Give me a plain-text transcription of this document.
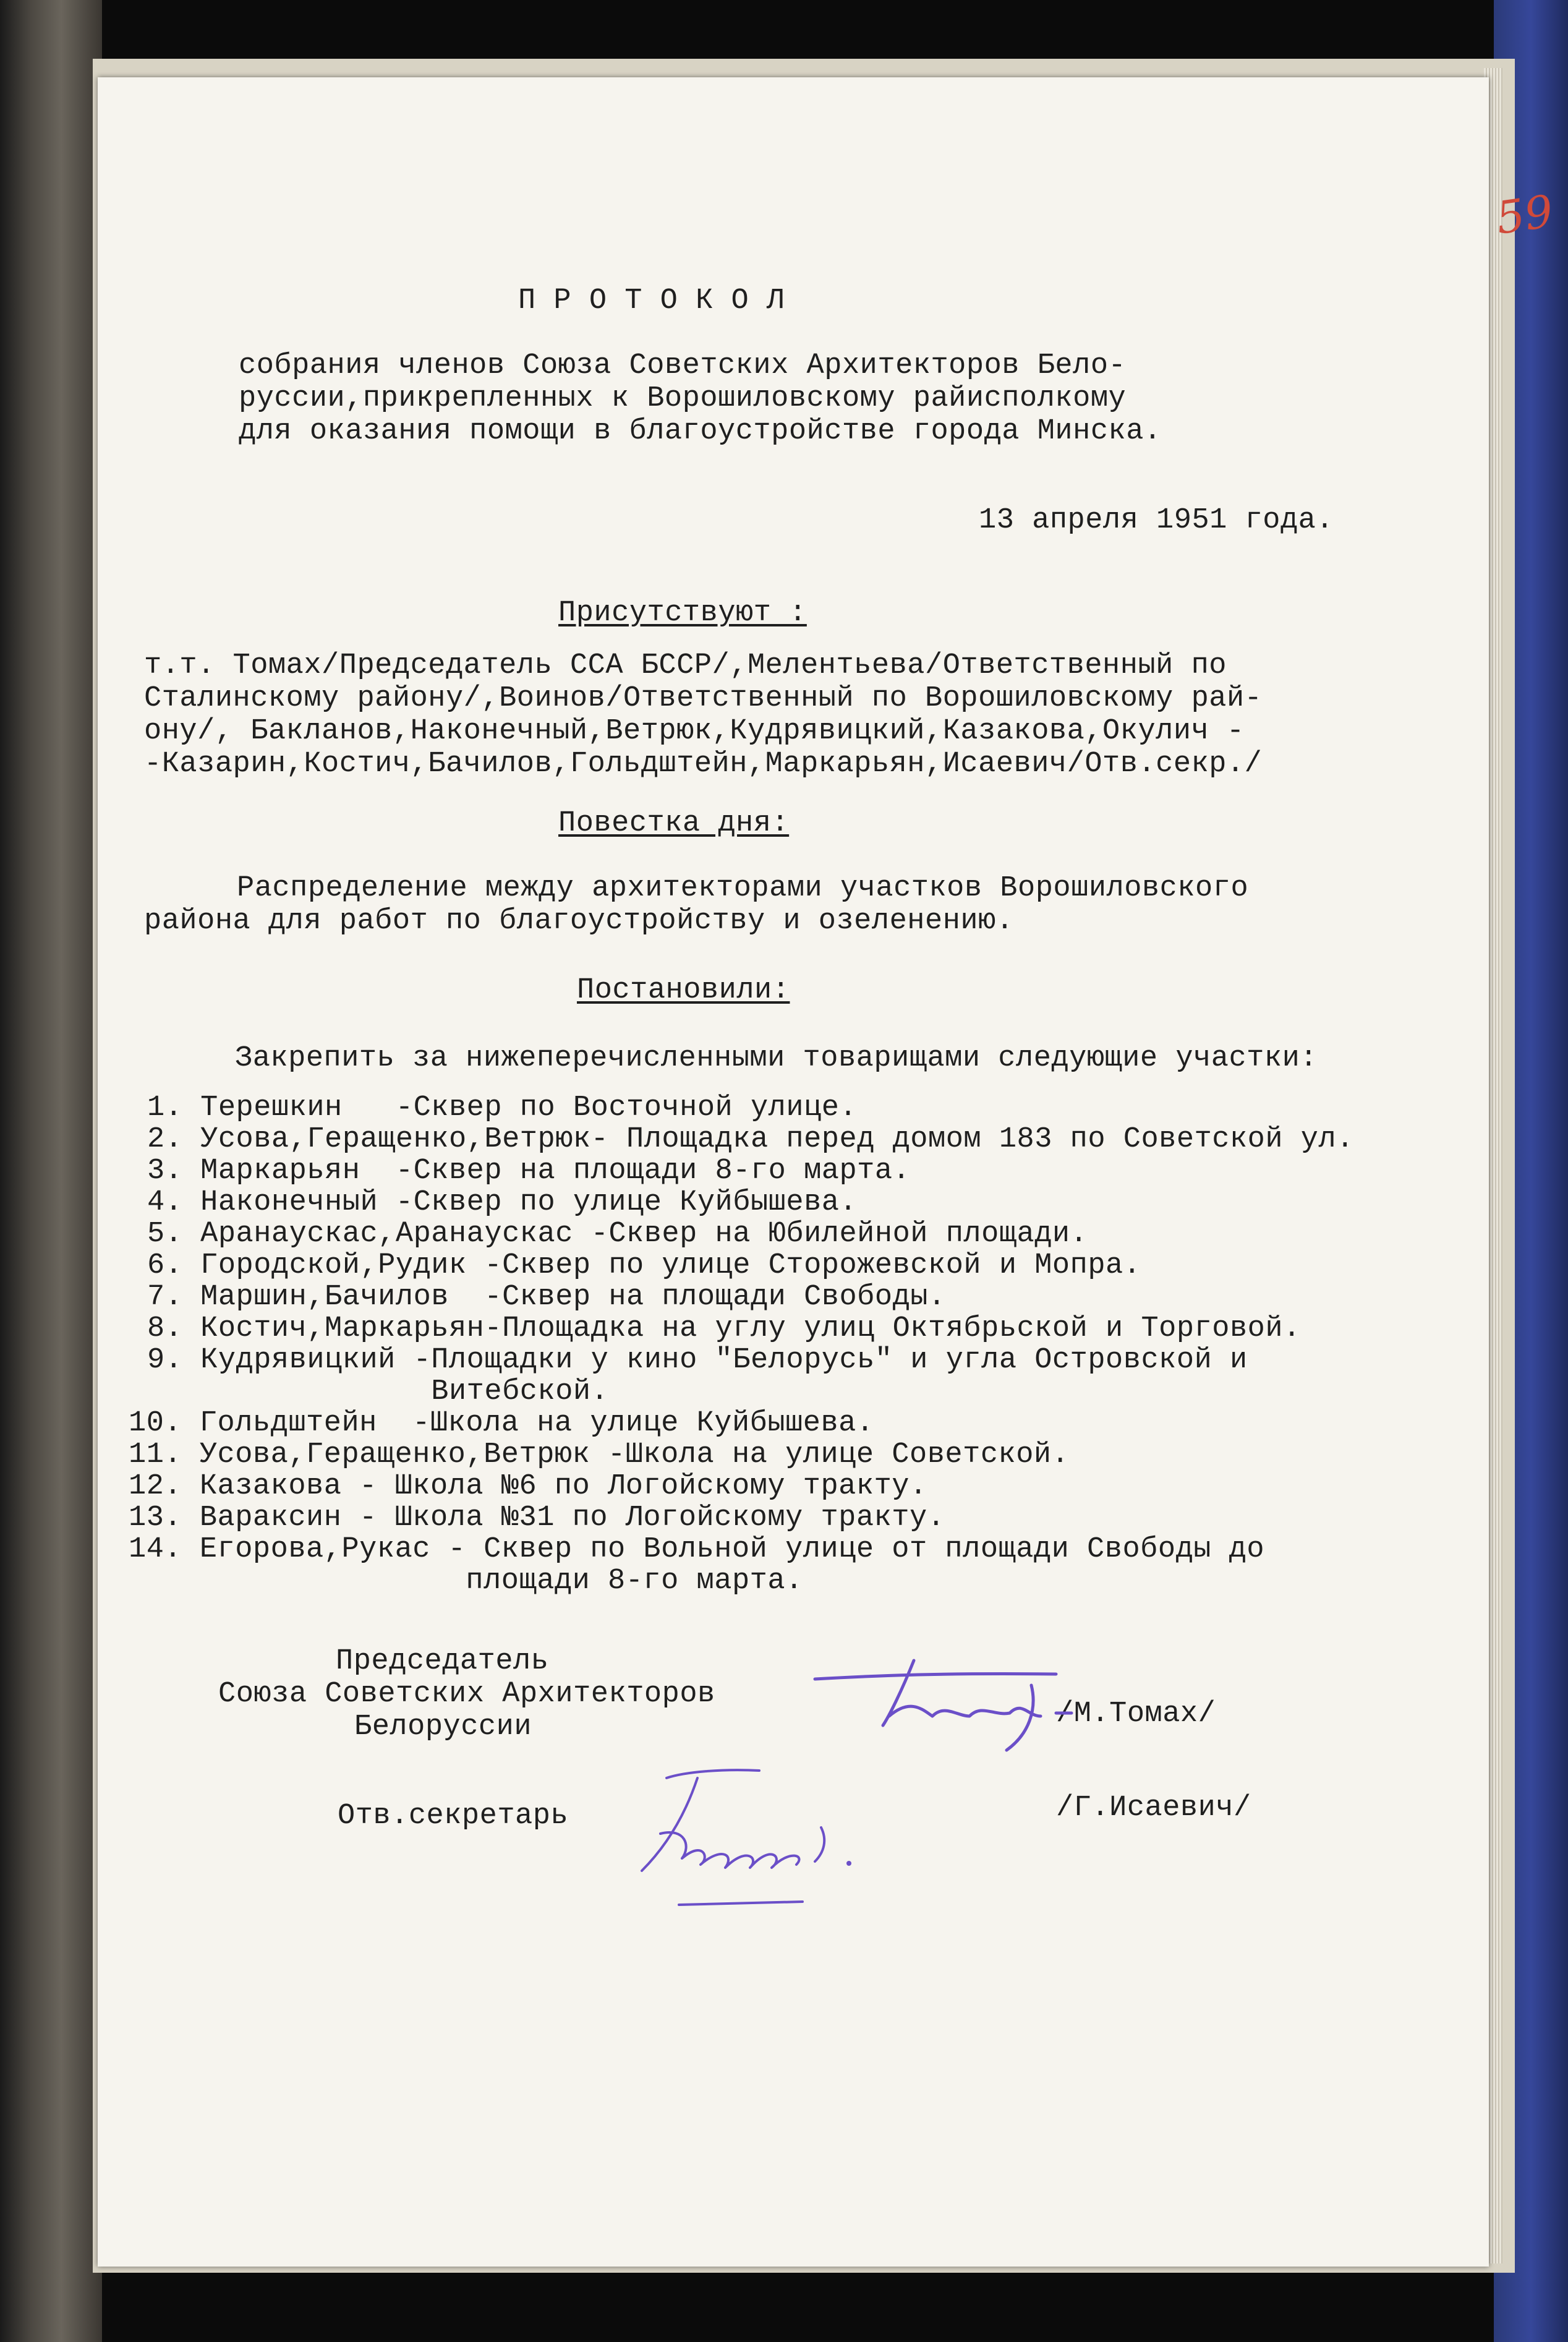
59
П Р О Т О К О Л
собрания членов Союза Советских Архитекторов Бело-
руссии,прикрепленных к Ворошиловскому райисполкому
для оказания помощи в благоустройстве города Минска.
13 апреля 1951 года.
Присутствуют :
т.т. Томах/Председатель ССА БССР/,Мелентьева/Ответственный по
Сталинскому району/,Воинов/Ответственный по Ворошиловскому рай-
ону/, Бакланов,Наконечный,Ветрюк,Кудрявицкий,Казакова,Окулич -
-Казарин,Костич,Бачилов,Гольдштейн,Маркарьян,Исаевич/Отв.секр./
Повестка дня:
Распределение между архитекторами участков Ворошиловского
района для работ по благоустройству и озеленению.
Постановили:
Закрепить за нижеперечисленными товарищами следующие участки:
1. Терешкин   -Сквер по Восточной улице.
2. Усова,Геращенко,Ветрюк- Площадка перед домом 183 по Советской ул.
3. Маркарьян  -Сквер на площади 8-го марта.
4. Наконечный -Сквер по улице Куйбышева.
5. Аранаускас,Аранаускас -Сквер на Юбилейной площади.
6. Городской,Рудик -Сквер по улице Сторожевской и Мопра.
7. Маршин,Бачилов  -Сквер на площади Свободы.
8. Костич,Маркарьян-Площадка на углу улиц Октябрьской и Торговой.
9. Кудрявицкий -Площадки у кино "Белорусь" и угла Островской и
Витебской.
10. Гольдштейн  -Школа на улице Куйбышева.
11. Усова,Геращенко,Ветрюк -Школа на улице Советской.
12. Казакова - Школа №6 по Логойскому тракту.
13. Вараксин - Школа №31 по Логойскому тракту.
14. Егорова,Рукас - Сквер по Вольной улице от площади Свободы до
площади 8-го марта.
Председатель
Союза Советских Архитекторов
Белоруссии	/М.Томах/
Отв.секретарь	/Г.Исаевич/
